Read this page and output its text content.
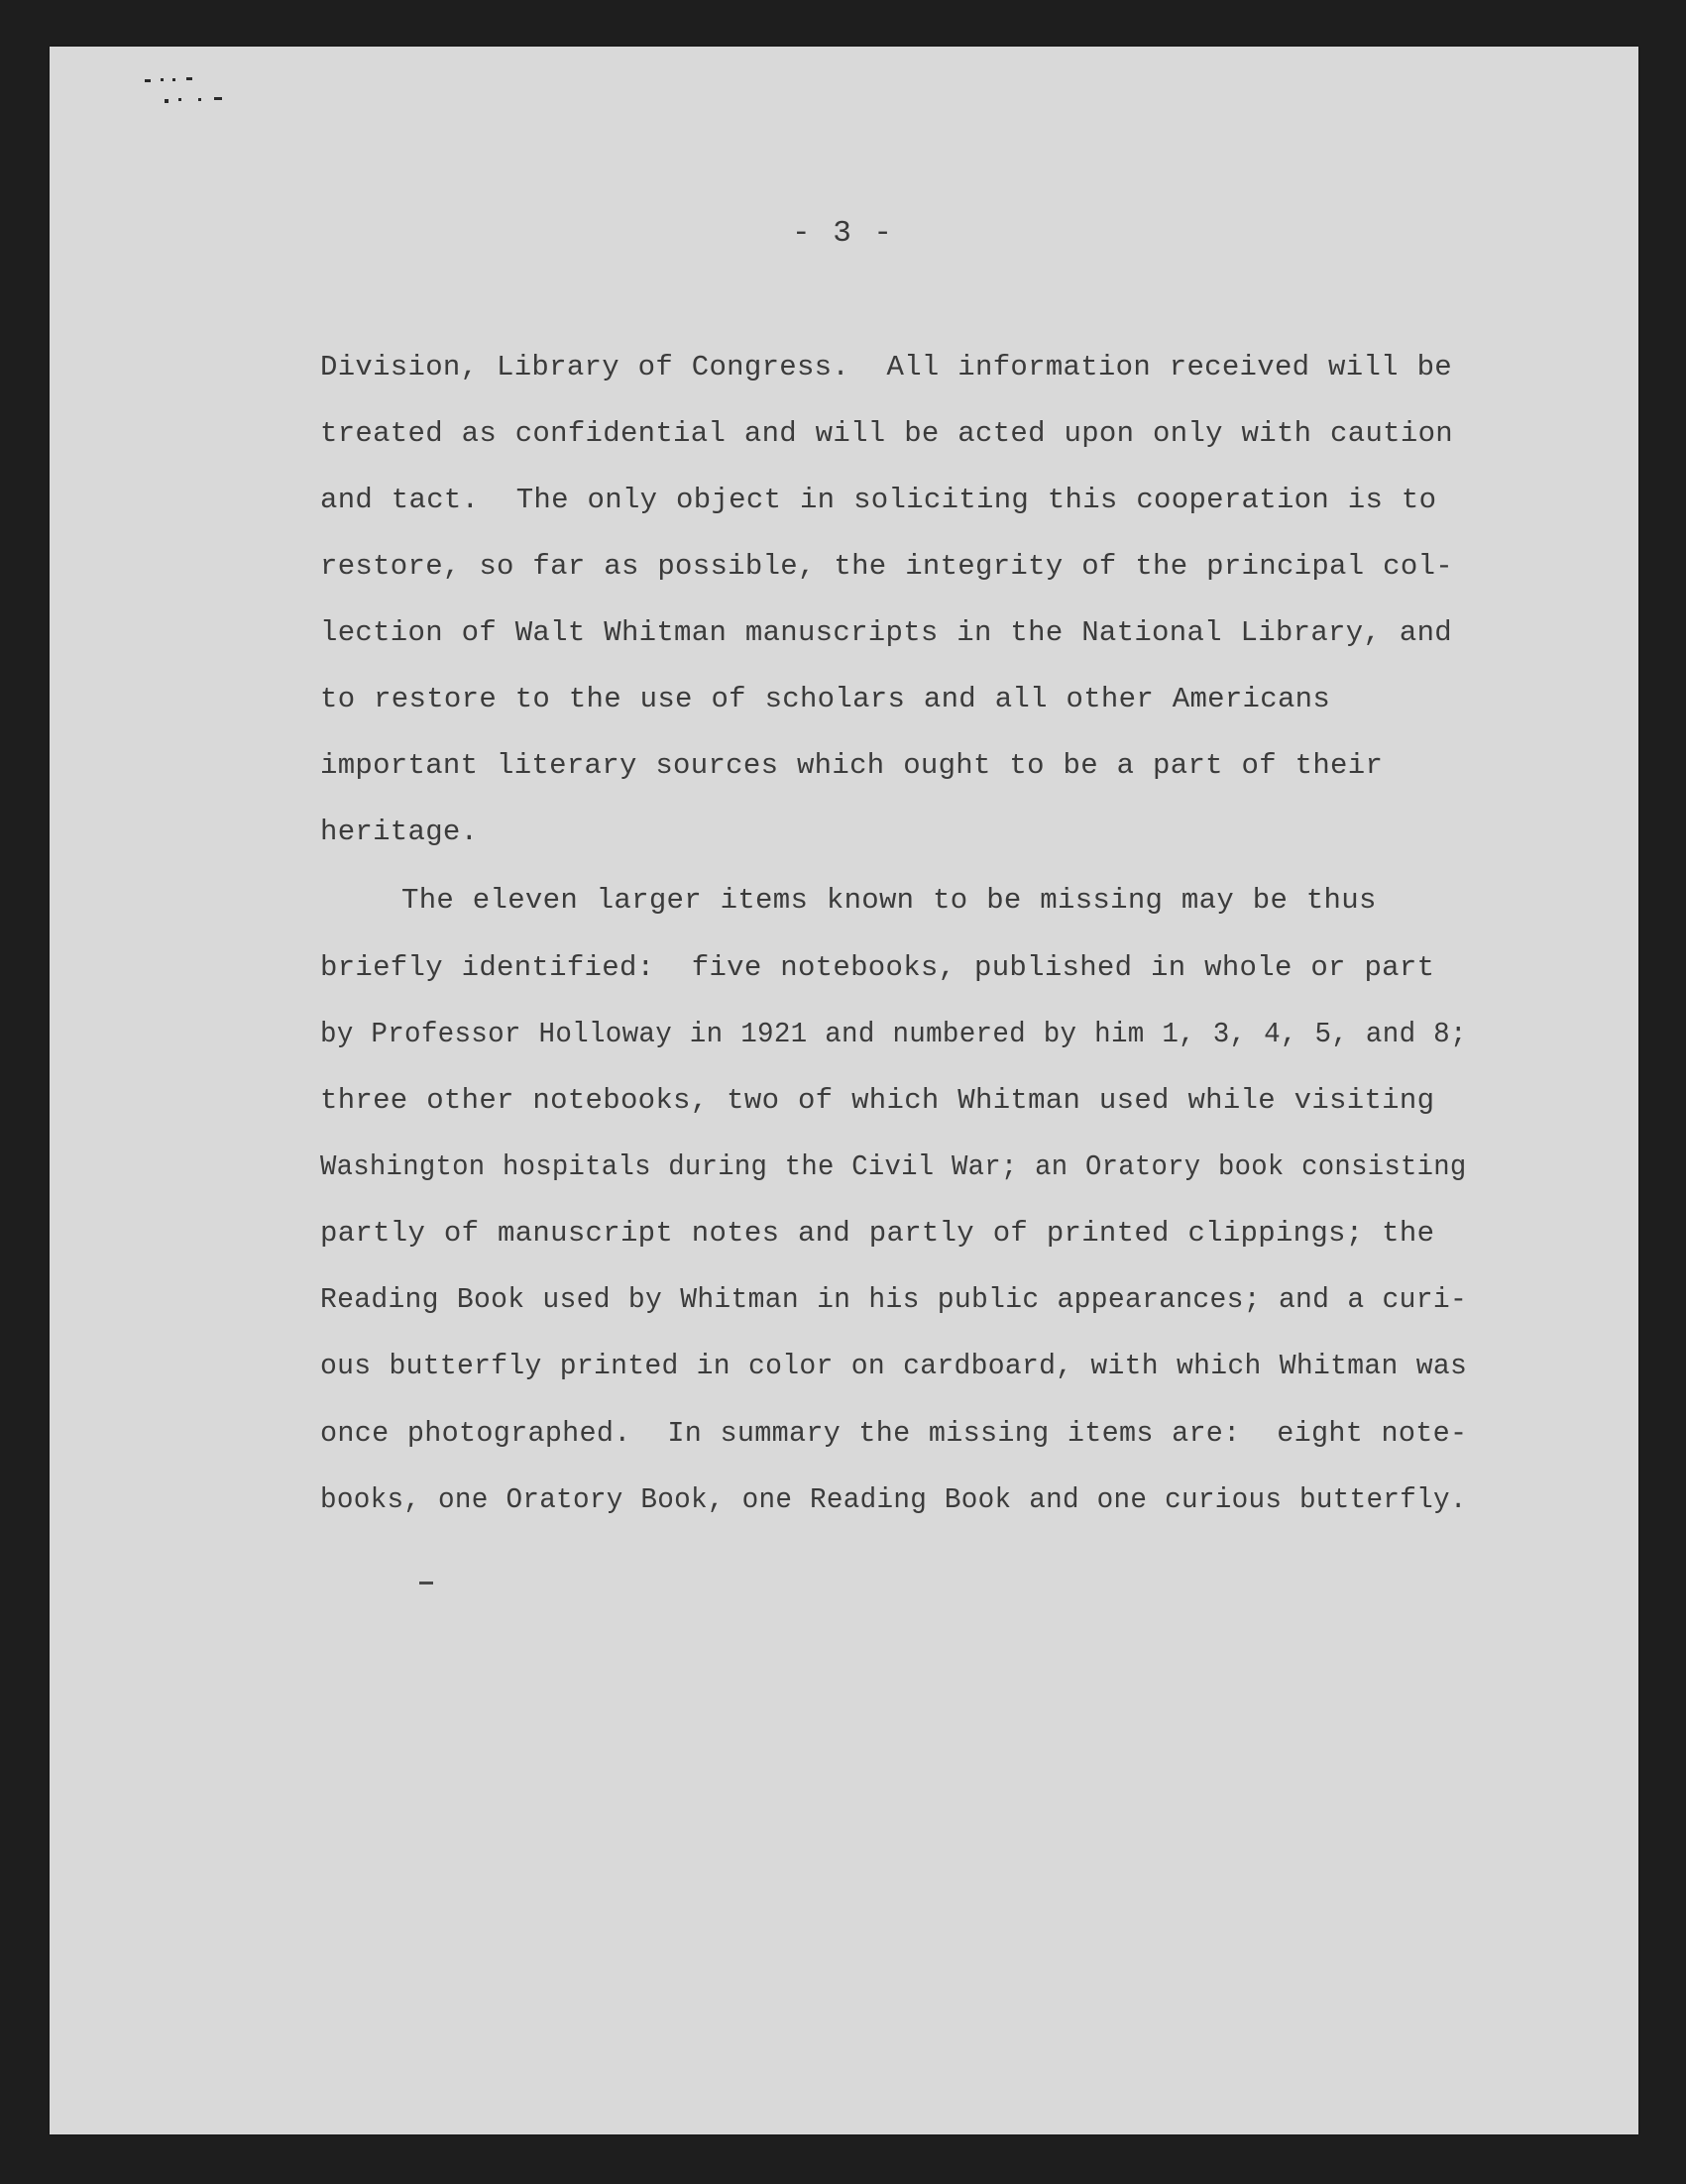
- 3 -
Division, Library of Congress.  All information received will be
treated as confidential and will be acted upon only with caution
and tact.  The only object in soliciting this cooperation is to
restore, so far as possible, the integrity of the principal col-
lection of Walt Whitman manuscripts in the National Library, and
to restore to the use of scholars and all other Americans
important literary sources which ought to be a part of their
heritage.
The eleven larger items known to be missing may be thus
briefly identified:  five notebooks, published in whole or part
by Professor Holloway in 1921 and numbered by him 1, 3, 4, 5, and 8;
three other notebooks, two of which Whitman used while visiting
Washington hospitals during the Civil War; an Oratory book consisting
partly of manuscript notes and partly of printed clippings; the
Reading Book used by Whitman in his public appearances; and a curi-
ous butterfly printed in color on cardboard, with which Whitman was
once photographed.  In summary the missing items are:  eight note-
books, one Oratory Book, one Reading Book and one curious butterfly.
